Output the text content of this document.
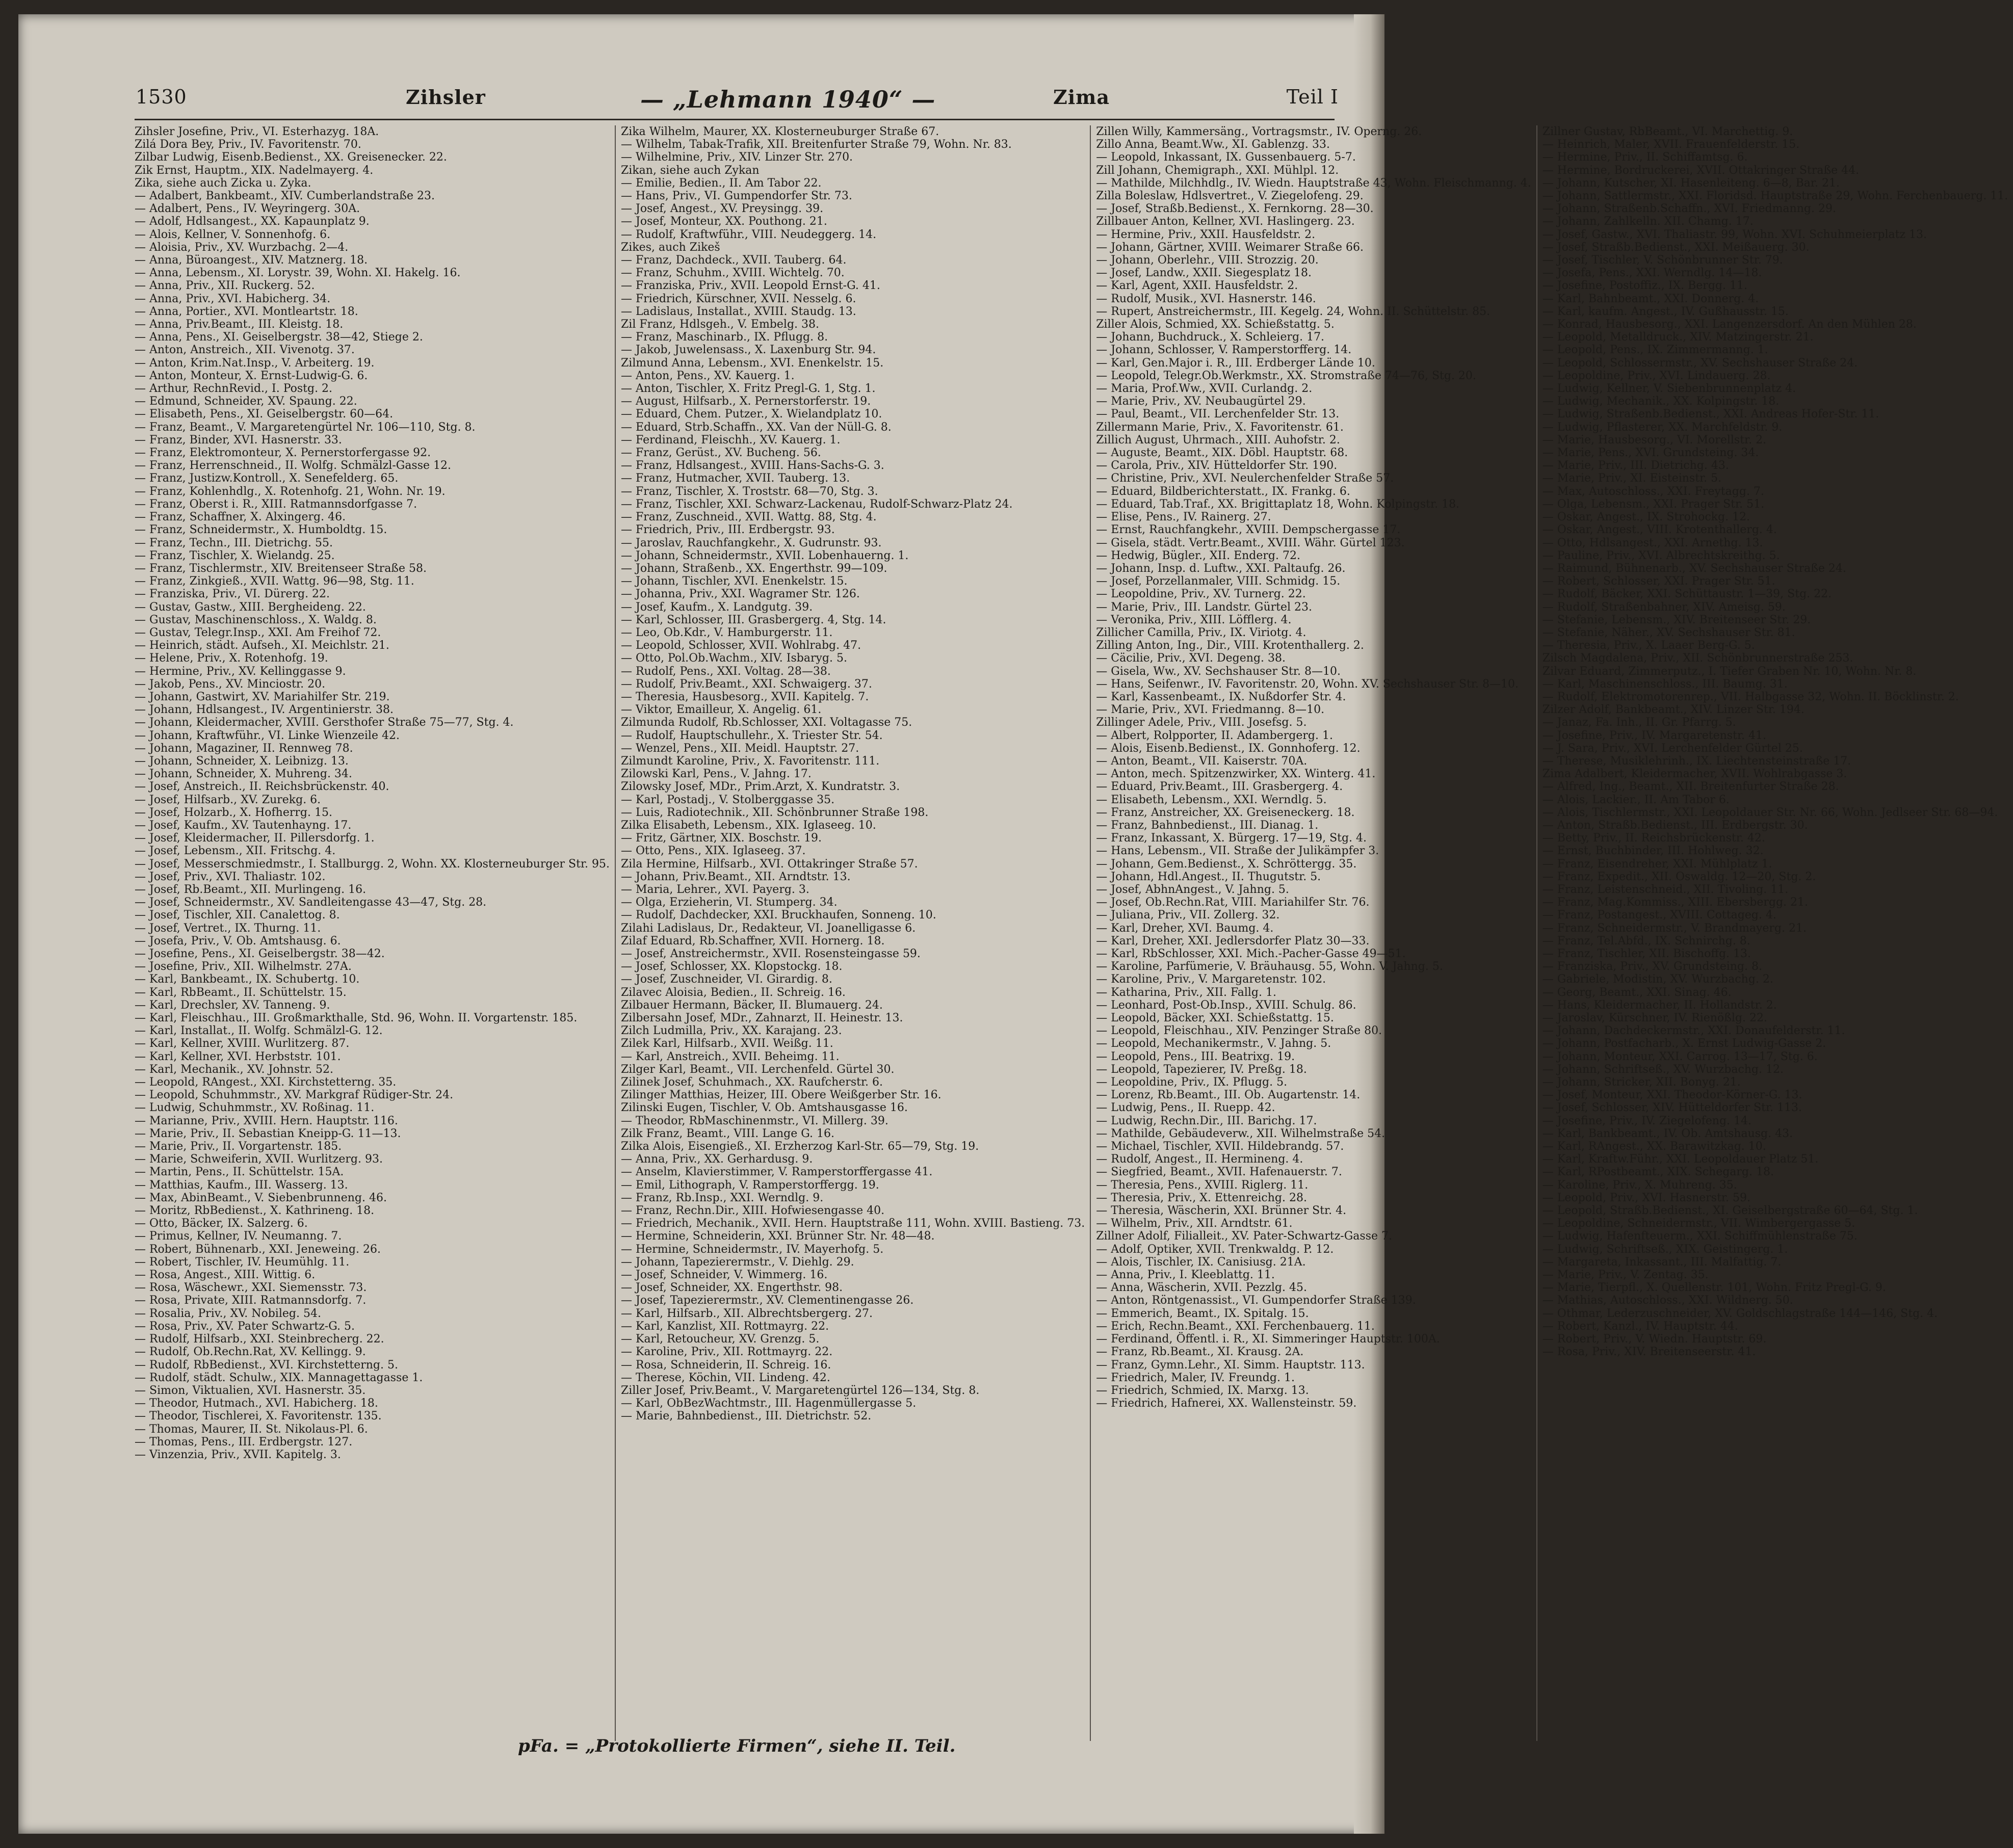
1530	Zihsler	— „Lehmann 1940“ —	Zima	Teil I
Zihsler Josefine, Priv., VI. Esterhazyg. 18A.
Zilá Dora Bey, Priv., IV. Favoritenstr. 70.
Zilbar Ludwig, Eisenb.Bedienst., XX. Greisenecker. 22.
Zik Ernst, Hauptm., XIX. Nadelmayerg. 4.
Zika, siehe auch Zicka u. Zyka.
— Adalbert, Bankbeamt., XIV. Cumberlandstraße 23.
— Adalbert, Pens., IV. Weyringerg. 30A.
— Adolf, Hdlsangest., XX. Kapaunplatz 9.
— Alois, Kellner, V. Sonnenhofg. 6.
— Aloisia, Priv., XV. Wurzbachg. 2—4.
— Anna, Büroangest., XIV. Matznerg. 18.
— Anna, Lebensm., XI. Lorystr. 39, Wohn. XI. Hakelg. 16.
— Anna, Priv., XII. Ruckerg. 52.
— Anna, Priv., XVI. Habicherg. 34.
— Anna, Portier., XVI. Montleartstr. 18.
— Anna, Priv.Beamt., III. Kleistg. 18.
— Anna, Pens., XI. Geiselbergstr. 38—42, Stiege 2.
— Anton, Anstreich., XII. Vivenotg. 37.
— Anton, Krim.Nat.Insp., V. Arbeiterg. 19.
— Anton, Monteur, X. Ernst-Ludwig-G. 6.
— Arthur, RechnRevid., I. Postg. 2.
— Edmund, Schneider, XV. Spaung. 22.
— Elisabeth, Pens., XI. Geiselbergstr. 60—64.
— Franz, Beamt., V. Margaretengürtel Nr. 106—110, Stg. 8.
— Franz, Binder, XVI. Hasnerstr. 33.
— Franz, Elektromonteur, X. Pernerstorfergasse 92.
— Franz, Herrenschneid., II. Wolfg. Schmälzl-Gasse 12.
— Franz, Justizw.Kontroll., X. Senefelderg. 65.
— Franz, Kohlenhdlg., X. Rotenhofg. 21, Wohn. Nr. 19.
— Franz, Oberst i. R., XIII. Ratmannsdorfgasse 7.
— Franz, Schaffner, X. Alxingerg. 46.
— Franz, Schneidermstr., X. Humboldtg. 15.
— Franz, Techn., III. Dietrichg. 55.
— Franz, Tischler, X. Wielandg. 25.
— Franz, Tischlermstr., XIV. Breitenseer Straße 58.
— Franz, Zinkgieß., XVII. Wattg. 96—98, Stg. 11.
— Franziska, Priv., VI. Dürerg. 22.
— Gustav, Gastw., XIII. Bergheideng. 22.
— Gustav, Maschinenschloss., X. Waldg. 8.
— Gustav, Telegr.Insp., XXI. Am Freihof 72.
— Heinrich, städt. Aufseh., XI. Meichlstr. 21.
— Helene, Priv., X. Rotenhofg. 19.
— Hermine, Priv., XV. Kellinggasse 9.
— Jakob, Pens., XV. Minciostr. 20.
— Johann, Gastwirt, XV. Mariahilfer Str. 219.
— Johann, Hdlsangest., IV. Argentinierstr. 38.
— Johann, Kleidermacher, XVIII. Gersthofer Straße 75—77, Stg. 4.
— Johann, Kraftwführ., VI. Linke Wienzeile 42.
— Johann, Magaziner, II. Rennweg 78.
— Johann, Schneider, X. Leibnizg. 13.
— Johann, Schneider, X. Muhreng. 34.
— Josef, Anstreich., II. Reichsbrückenstr. 40.
— Josef, Hilfsarb., XV. Zurekg. 6.
— Josef, Holzarb., X. Hofherrg. 15.
— Josef, Kaufm., XV. Tautenhayng. 17.
— Josef, Kleidermacher, II. Pillersdorfg. 1.
— Josef, Lebensm., XII. Fritschg. 4.
— Josef, Messerschmiedmstr., I. Stallburgg. 2, Wohn. XX. Klosterneuburger Str. 95.
— Josef, Priv., XVI. Thaliastr. 102.
— Josef, Rb.Beamt., XII. Murlingeng. 16.
— Josef, Schneidermstr., XV. Sandleitengasse 43—47, Stg. 28.
— Josef, Tischler, XII. Canalettog. 8.
— Josef, Vertret., IX. Thurng. 11.
— Josefa, Priv., V. Ob. Amtshausg. 6.
— Josefine, Pens., XI. Geiselbergstr. 38—42.
— Josefine, Priv., XII. Wilhelmstr. 27A.
— Karl, Bankbeamt., IX. Schubertg. 10.
— Karl, RbBeamt., II. Schüttelstr. 15.
— Karl, Drechsler, XV. Tanneng. 9.
— Karl, Fleischhau., III. Großmarkthalle, Std. 96, Wohn. II. Vorgartenstr. 185.
— Karl, Installat., II. Wolfg. Schmälzl-G. 12.
— Karl, Kellner, XVIII. Wurlitzerg. 87.
— Karl, Kellner, XVI. Herbststr. 101.
— Karl, Mechanik., XV. Johnstr. 52.
— Leopold, RAngest., XXI. Kirchstetterng. 35.
— Leopold, Schuhmmstr., XV. Markgraf Rüdiger-Str. 24.
— Ludwig, Schuhmmstr., XV. Roßinag. 11.
— Marianne, Priv., XVIII. Hern. Hauptstr. 116.
— Marie, Priv., II. Sebastian Kneipp-G. 11—13.
— Marie, Priv., II. Vorgartenstr. 185.
— Marie, Schweiferin, XVII. Wurlitzerg. 93.
— Martin, Pens., II. Schüttelstr. 15A.
— Matthias, Kaufm., III. Wasserg. 13.
— Max, AbinBeamt., V. Siebenbrunneng. 46.
— Moritz, RbBedienst., X. Kathrineng. 18.
— Otto, Bäcker, IX. Salzerg. 6.
— Primus, Kellner, IV. Neumanng. 7.
— Robert, Bühnenarb., XXI. Jeneweing. 26.
— Robert, Tischler, IV. Heumühlg. 11.
— Rosa, Angest., XIII. Wittig. 6.
— Rosa, Wäschewr., XXI. Siemensstr. 73.
— Rosa, Private, XIII. Ratmannsdorfg. 7.
— Rosalia, Priv., XV. Nobileg. 54.
— Rosa, Priv., XV. Pater Schwartz-G. 5.
— Rudolf, Hilfsarb., XXI. Steinbrecherg. 22.
— Rudolf, Ob.Rechn.Rat, XV. Kellingg. 9.
— Rudolf, RbBedienst., XVI. Kirchstetterng. 5.
— Rudolf, städt. Schulw., XIX. Mannagettagasse 1.
— Simon, Viktualien, XVI. Hasnerstr. 35.
— Theodor, Hutmach., XVI. Habicherg. 18.
— Theodor, Tischlerei, X. Favoritenstr. 135.
— Thomas, Maurer, II. St. Nikolaus-Pl. 6.
— Thomas, Pens., III. Erdbergstr. 127.
— Vinzenzia, Priv., XVII. Kapitelg. 3.
Zika Wilhelm, Maurer, XX. Klosterneuburger Straße 67.
— Wilhelm, Tabak-Trafik, XII. Breitenfurter Straße 79, Wohn. Nr. 83.
— Wilhelmine, Priv., XIV. Linzer Str. 270.
Zikan, siehe auch Zykan
— Emilie, Bedien., II. Am Tabor 22.
— Hans, Priv., VI. Gumpendorfer Str. 73.
— Josef, Angest., XV. Preysingg. 39.
— Josef, Monteur, XX. Pouthong. 21.
— Rudolf, Kraftwführ., VIII. Neudeggerg. 14.
Zikes, auch Zikeš
— Franz, Dachdeck., XVII. Tauberg. 64.
— Franz, Schuhm., XVIII. Wichtelg. 70.
— Franziska, Priv., XVII. Leopold Ernst-G. 41.
— Friedrich, Kürschner, XVII. Nesselg. 6.
— Ladislaus, Installat., XVIII. Staudg. 13.
Zil Franz, Hdlsgeh., V. Embelg. 38.
— Franz, Maschinarb., IX. Pflugg. 8.
— Jakob, Juwelensass., X. Laxenburg Str. 94.
Zilmund Anna, Lebensm., XVI. Enenkelstr. 15.
— Anton, Pens., XV. Kauerg. 1.
— Anton, Tischler, X. Fritz Pregl-G. 1, Stg. 1.
— August, Hilfsarb., X. Pernerstorferstr. 19.
— Eduard, Chem. Putzer., X. Wielandplatz 10.
— Eduard, Strb.Schaffn., XX. Van der Nüll-G. 8.
— Ferdinand, Fleischh., XV. Kauerg. 1.
— Franz, Gerüst., XV. Bucheng. 56.
— Franz, Hdlsangest., XVIII. Hans-Sachs-G. 3.
— Franz, Hutmacher, XVII. Tauberg. 13.
— Franz, Tischler, X. Troststr. 68—70, Stg. 3.
— Franz, Tischler, XXI. Schwarz-Lackenau, Rudolf-Schwarz-Platz 24.
— Franz, Zuschneid., XVII. Wattg. 88, Stg. 4.
— Friedrich, Priv., III. Erdbergstr. 93.
— Jaroslav, Rauchfangkehr., X. Gudrunstr. 93.
— Johann, Schneidermstr., XVII. Lobenhauerng. 1.
— Johann, Straßenb., XX. Engerthstr. 99—109.
— Johann, Tischler, XVI. Enenkelstr. 15.
— Johanna, Priv., XXI. Wagramer Str. 126.
— Josef, Kaufm., X. Landgutg. 39.
— Karl, Schlosser, III. Grasbergerg. 4, Stg. 14.
— Leo, Ob.Kdr., V. Hamburgerstr. 11.
— Leopold, Schlosser, XVII. Wohlrabg. 47.
— Otto, Pol.Ob.Wachm., XIV. Isbaryg. 5.
— Rudolf, Pens., XXI. Voltag. 28—38.
— Rudolf, Priv.Beamt., XXI. Schwaigerg. 37.
— Theresia, Hausbesorg., XVII. Kapitelg. 7.
— Viktor, Emailleur, X. Angelig. 61.
Zilmunda Rudolf, Rb.Schlosser, XXI. Voltagasse 75.
— Rudolf, Hauptschullehr., X. Triester Str. 54.
— Wenzel, Pens., XII. Meidl. Hauptstr. 27.
Zilmundt Karoline, Priv., X. Favoritenstr. 111.
Zilowski Karl, Pens., V. Jahng. 17.
Zilowsky Josef, MDr., Prim.Arzt, X. Kundratstr. 3.
— Karl, Postadj., V. Stolberggasse 35.
— Luis, Radiotechnik., XII. Schönbrunner Straße 198.
Zilka Elisabeth, Lebensm., XIX. Iglaseeg. 10.
— Fritz, Gärtner, XIX. Boschstr. 19.
— Otto, Pens., XIX. Iglaseeg. 37.
Zila Hermine, Hilfsarb., XVI. Ottakringer Straße 57.
— Johann, Priv.Beamt., XII. Arndtstr. 13.
— Maria, Lehrer., XVI. Payerg. 3.
— Olga, Erzieherin, VI. Stumperg. 34.
— Rudolf, Dachdecker, XXI. Bruckhaufen, Sonneng. 10.
Zilahi Ladislaus, Dr., Redakteur, VI. Joanelligasse 6.
Zilaf Eduard, Rb.Schaffner, XVII. Hornerg. 18.
— Josef, Anstreichermstr., XVII. Rosensteingasse 59.
— Josef, Schlosser, XX. Klopstockg. 18.
— Josef, Zuschneider, VI. Girardig. 8.
Zilavec Aloisia, Bedien., II. Schreig. 16.
Zilbauer Hermann, Bäcker, II. Blumauerg. 24.
Zilbersahn Josef, MDr., Zahnarzt, II. Heinestr. 13.
Zilch Ludmilla, Priv., XX. Karajang. 23.
Zilek Karl, Hilfsarb., XVII. Weißg. 11.
— Karl, Anstreich., XVII. Beheimg. 11.
Zilger Karl, Beamt., VII. Lerchenfeld. Gürtel 30.
Zilinek Josef, Schuhmach., XX. Raufcherstr. 6.
Zilinger Matthias, Heizer, III. Obere Weißgerber Str. 16.
Zilinski Eugen, Tischler, V. Ob. Amtshausgasse 16.
— Theodor, RbMaschinenmstr., VI. Millerg. 39.
Zilk Franz, Beamt., VIII. Lange G. 16.
Zilka Alois, Eisengieß., XI. Erzherzog Karl-Str. 65—79, Stg. 19.
— Anna, Priv., XX. Gerhardusg. 9.
— Anselm, Klavierstimmer, V. Ramperstorffergasse 41.
— Emil, Lithograph, V. Ramperstorffergg. 19.
— Franz, Rb.Insp., XXI. Werndlg. 9.
— Franz, Rechn.Dir., XIII. Hofwiesengasse 40.
— Friedrich, Mechanik., XVII. Hern. Hauptstraße 111, Wohn. XVIII. Bastieng. 73.
— Hermine, Schneiderin, XXI. Brünner Str. Nr. 48—48.
— Hermine, Schneidermstr., IV. Mayerhofg. 5.
— Johann, Tapezierermstr., V. Diehlg. 29.
— Josef, Schneider, V. Wimmerg. 16.
— Josef, Schneider, XX. Engerthstr. 98.
— Josef, Tapezierermstr., XV. Clementinengasse 26.
— Karl, Hilfsarb., XII. Albrechtsbergerg. 27.
— Karl, Kanzlist, XII. Rottmayrg. 22.
— Karl, Retoucheur, XV. Grenzg. 5.
— Karoline, Priv., XII. Rottmayrg. 22.
— Rosa, Schneiderin, II. Schreig. 16.
— Therese, Köchin, VII. Lindeng. 42.
Ziller Josef, Priv.Beamt., V. Margaretengürtel 126—134, Stg. 8.
— Karl, ObBezWachtmstr., III. Hagenmüllergasse 5.
— Marie, Bahnbedienst., III. Dietrichstr. 52.
Zillen Willy, Kammersäng., Vortragsmstr., IV. Operng. 26.
Zillo Anna, Beamt.Ww., XI. Gablenzg. 33.
— Leopold, Inkassant, IX. Gussenbauerg. 5-7.
Zill Johann, Chemigraph., XXI. Mühlpl. 12.
— Mathilde, Milchhdlg., IV. Wiedn. Hauptstraße 43, Wohn. Fleischmanng. 4.
Zilla Boleslaw, Hdlsvertret., V. Ziegelofeng. 29.
— Josef, Straßb.Bedienst., X. Fernkorng. 28—30.
Zillbauer Anton, Kellner, XVI. Haslingerg. 23.
— Hermine, Priv., XXII. Hausfeldstr. 2.
— Johann, Gärtner, XVIII. Weimarer Straße 66.
— Johann, Oberlehr., VIII. Strozzig. 20.
— Josef, Landw., XXII. Siegesplatz 18.
— Karl, Agent, XXII. Hausfeldstr. 2.
— Rudolf, Musik., XVI. Hasnerstr. 146.
— Rupert, Anstreichermstr., III. Kegelg. 24, Wohn. II. Schüttelstr. 85.
Ziller Alois, Schmied, XX. Schießstattg. 5.
— Johann, Buchdruck., X. Schleierg. 17.
— Johann, Schlosser, V. Ramperstorfferg. 14.
— Karl, Gen.Major i. R., III. Erdberger Lände 10.
— Leopold, Telegr.Ob.Werkmstr., XX. Stromstraße 74—76, Stg. 20.
— Maria, Prof.Ww., XVII. Curlandg. 2.
— Marie, Priv., XV. Neubaugürtel 29.
— Paul, Beamt., VII. Lerchenfelder Str. 13.
Zillermann Marie, Priv., X. Favoritenstr. 61.
Zillich August, Uhrmach., XIII. Auhofstr. 2.
— Auguste, Beamt., XIX. Döbl. Hauptstr. 68.
— Carola, Priv., XIV. Hütteldorfer Str. 190.
— Christine, Priv., XVI. Neulerchenfelder Straße 57.
— Eduard, Bildberichterstatt., IX. Frankg. 6.
— Eduard, Tab.Traf., XX. Brigittaplatz 18, Wohn. Kolpingstr. 18.
— Elise, Pens., IV. Rainerg. 27.
— Ernst, Rauchfangkehr., XVIII. Dempschergasse 17.
— Gisela, städt. Vertr.Beamt., XVIII. Währ. Gürtel 123.
— Hedwig, Bügler., XII. Enderg. 72.
— Johann, Insp. d. Luftw., XXI. Paltaufg. 26.
— Josef, Porzellanmaler, VIII. Schmidg. 15.
— Leopoldine, Priv., XV. Turnerg. 22.
— Marie, Priv., III. Landstr. Gürtel 23.
— Veronika, Priv., XIII. Löfflerg. 4.
Zillicher Camilla, Priv., IX. Viriotg. 4.
Zilling Anton, Ing., Dir., VIII. Krotenthallerg. 2.
— Cäcilie, Priv., XVI. Degeng. 38.
— Gisela, Ww., XV. Sechshauser Str. 8—10.
— Hans, Seifenwr., IV. Favoritenstr. 20, Wohn. XV. Sechshauser Str. 8—10.
— Karl, Kassenbeamt., IX. Nußdorfer Str. 4.
— Marie, Priv., XVI. Friedmanng. 8—10.
Zillinger Adele, Priv., VIII. Josefsg. 5.
— Albert, Rolpporter, II. Adambergerg. 1.
— Alois, Eisenb.Bedienst., IX. Gonnhoferg. 12.
— Anton, Beamt., VII. Kaiserstr. 70A.
— Anton, mech. Spitzenzwirker, XX. Winterg. 41.
— Eduard, Priv.Beamt., III. Grasbergerg. 4.
— Elisabeth, Lebensm., XXI. Werndlg. 5.
— Franz, Anstreicher, XX. Greiseneckerg. 18.
— Franz, Bahnbedienst., III. Dianag. 1.
— Franz, Inkassant, X. Bürgerg. 17—19, Stg. 4.
— Hans, Lebensm., VII. Straße der Julikämpfer 3.
— Johann, Gem.Bedienst., X. Schröttergg. 35.
— Johann, Hdl.Angest., II. Thugutstr. 5.
— Josef, AbhnAngest., V. Jahng. 5.
— Josef, Ob.Rechn.Rat, VIII. Mariahilfer Str. 76.
— Juliana, Priv., VII. Zollerg. 32.
— Karl, Dreher, XVI. Baumg. 4.
— Karl, Dreher, XXI. Jedlersdorfer Platz 30—33.
— Karl, RbSchlosser, XXI. Mich.-Pacher-Gasse 49—51.
— Karoline, Parfümerie, V. Bräuhausg. 55, Wohn. V. Jahng. 5.
— Karoline, Priv., V. Margaretenstr. 102.
— Katharina, Priv., XII. Fallg. 1.
— Leonhard, Post-Ob.Insp., XVIII. Schulg. 86.
— Leopold, Bäcker, XXI. Schießstattg. 15.
— Leopold, Fleischhau., XIV. Penzinger Straße 80.
— Leopold, Mechanikermstr., V. Jahng. 5.
— Leopold, Pens., III. Beatrixg. 19.
— Leopold, Tapezierer, IV. Preßg. 18.
— Leopoldine, Priv., IX. Pflugg. 5.
— Lorenz, Rb.Beamt., III. Ob. Augartenstr. 14.
— Ludwig, Pens., II. Ruepp. 42.
— Ludwig, Rechn.Dir., III. Barichg. 17.
— Mathilde, Gebäudeverw., XII. Wilhelmstraße 54.
— Michael, Tischler, XVII. Hildebrandg. 57.
— Rudolf, Angest., II. Hermineng. 4.
— Siegfried, Beamt., XVII. Hafenauerstr. 7.
— Theresia, Pens., XVIII. Riglerg. 11.
— Theresia, Priv., X. Ettenreichg. 28.
— Theresia, Wäscherin, XXI. Brünner Str. 4.
— Wilhelm, Priv., XII. Arndtstr. 61.
Zillner Adolf, Filialleit., XV. Pater-Schwartz-Gasse 7.
— Adolf, Optiker, XVII. Trenkwaldg. P. 12.
— Alois, Tischler, IX. Canisiusg. 21A.
— Anna, Priv., I. Kleeblattg. 11.
— Anna, Wäscherin, XVII. Pezzlg. 45.
— Anton, Röntgenassist., VI. Gumpendorfer Straße 139.
— Emmerich, Beamt., IX. Spitalg. 15.
— Erich, Rechn.Beamt., XXI. Ferchenbauerg. 11.
— Ferdinand, Öffentl. i. R., XI. Simmeringer Hauptstr. 100A.
— Franz, Rb.Beamt., XI. Krausg. 2A.
— Franz, Gymn.Lehr., XI. Simm. Hauptstr. 113.
— Friedrich, Maler, IV. Freundg. 1.
— Friedrich, Schmied, IX. Marxg. 13.
— Friedrich, Hafnerei, XX. Wallensteinstr. 59.
Zillner Gustav, RbBeamt., VI. Marchettig. 9.
— Heinrich, Maler, XVII. Frauenfelderstr. 15.
— Hermine, Priv., II. Schiffamtsg. 6.
— Hermine, Bordruckerei, XVII. Ottakringer Straße 44.
— Johann, Kutscher, XI. Hasenleiteng. 6—8, Bar. 21.
— Johann, Sattlermstr., XXI. Floridsd. Hauptstraße 29, Wohn. Ferchenbauerg. 11.
— Johann, Straßenb.Schaffn., XVI. Friedmanng. 29.
— Johann, Zahlkelln. XII. Chamg. 17.
— Josef, Gastw., XVI. Thaliastr. 99, Wohn. XVI. Schuhmeierplatz 13.
— Josef, Straßb.Bedienst., XXI. Meißauerg. 30.
— Josef, Tischler, V. Schönbrunner Str. 79.
— Josefa, Pens., XXI. Werndlg. 14—18.
— Josefine, Postoffiz., IX. Bergg. 11.
— Karl, Bahnbeamt., XXI. Donnerg. 4.
— Karl, kaufm. Angest., IV. Gußhausstr. 15.
— Konrad, Hausbesorg., XXI. Langenzersdorf. An den Mühlen 28.
— Leopold, Metalldruck., XIV. Matzingerstr. 21.
— Leopold, Pens., IX. Zimmermanng. 1.
— Leopold, Schlossermstr., XV. Sechshauser Straße 24.
— Leopoldine, Priv., XVI. Lindauerg. 28.
— Ludwig, Kellner, V. Siebenbrunnenplatz 4.
— Ludwig, Mechanik., XX. Kolpingstr. 18.
— Ludwig, Straßenb.Bedienst., XXI. Andreas Hofer-Str. 11.
— Ludwig, Pflasterer, XX. Marchfeldstr. 9.
— Marie, Hausbesorg., VI. Morellstr. 2.
— Marie, Pens., XVI. Grundsteing. 34.
— Marie, Priv., III. Dietrichg. 43.
— Marie, Priv., XI. Eisteinstr. 5.
— Max, Autoschloss., XXI. Freytagg. 7.
— Olga, Lebensm., XXI. Prager Str. 51.
— Oskar, Angest., IX. Strohockg. 12.
— Oskar, Angest., VIII. Krotenthallerg. 4.
— Otto, Hdlsangest., XXI. Arnethg. 13.
— Pauline, Priv., XVI. Albrechtskreithg. 5.
— Raimund, Bühnenarb., XV. Sechshauser Straße 24.
— Robert, Schlosser, XXI. Prager Str. 51.
— Rudolf, Bäcker, XXI. Schüttaustr. 1—39, Stg. 22.
— Rudolf, Straßenbahner, XIV. Ameisg. 59.
— Stefanie, Lebensm., XIV. Breitenseer Str. 29.
— Stefanie, Näher., XV. Sechshauser Str. 81.
— Theresia, Priv., X. Laaer Berg-G. 5.
Zilsch Magdalena, Priv., XII. Schönbrunnerstraße 253.
Zilvar Eduard, Zimmerputz., I. Tiefer Graben Nr. 10, Wohn. Nr. 8.
— Karl, Maschinenschloss., III. Baumg. 31.
— Rudolf, Elektromotorenrep., VII. Halbgasse 32, Wohn. II. Böcklinstr. 2.
Zilzer Adolf, Bankbeamt., XIV. Linzer Str. 194.
— Janaz, Fa. Inh., II. Gr. Pfarrg. 5.
— Josefine, Priv., IV. Margaretenstr. 41.
— J. Sara, Priv., XVI. Lerchenfelder Gürtel 25.
— Therese, Musiklehrinh., IX. Liechtensteinstraße 17.
Zima Adalbert, Kleidermacher, XVII. Wohlrabgasse 3.
— Alfred, Ing., Beamt., XII. Breitenfurter Straße 28.
— Alois, Lackier., II. Am Tabor 6.
— Alois, Tischlermstr., XXI. Leopoldauer Str. Nr. 66, Wohn. Jedlseer Str. 68—94.
— Anton, Straßb.Bedienst., III. Erdbergstr. 30.
— Betty, Priv., II. Reichsbrückenstr. 42.
— Ernst, Buchbinder, III. Hohlweg. 32.
— Franz, Eisendreher, XXI. Mühlplatz 1.
— Franz, Expedit., XII. Oswaldg. 12—20, Stg. 2.
— Franz, Leistenschneid., XII. Tivoling. 11.
— Franz, Mag.Kommiss., XIII. Ebersbergg. 21.
— Franz, Postangest., XVIII. Cottageg. 4.
— Franz, Schneidermstr., V. Brandmayerg. 21.
— Franz, Tel.Abfd., IX. Schnirchg. 8.
— Franz, Tischler, XII. Bischoffg. 13.
— Franziska, Priv., XV. Grundsteing. 8.
— Gabriele, Modistin, XV. Wurzbachg. 2.
— Georg, Beamt., XXI. Sinag. 46.
— Hans, Kleidermacher, II. Hollandstr. 2.
— Jaroslav, Kürschner, IV. Rienößlg. 22.
— Johann, Dachdeckermstr., XXI. Donaufelderstr. 11.
— Johann, Postfacharb., X. Ernst Ludwig-Gasse 2.
— Johann, Monteur, XXI. Carrog. 13—17, Stg. 6.
— Johann, Schriftseß., XV. Wurzbachg. 12.
— Johann, Stricker, XII. Bonyg. 21.
— Josef, Monteur, XXI. Theodor-Körner-G. 13.
— Josef, Schlosser, XIV. Hütteldorfer Str. 113.
— Josefine, Priv., IV. Ziegelofeng. 14.
— Karl, Bankbeamt., IV. Ob. Amtshausg. 43.
— Karl, RAngest., XX. Barawitzkag. 10.
— Karl, Kraftw.Führ., XXI. Leopoldauer Platz 51.
— Karl, RPostbeamt., XIX. Schegarg. 18.
— Karoline, Priv., X. Muhreng. 35.
— Leopold, Priv., XVI. Hasnerstr. 59.
— Leopold, Straßb.Bedienst., XI. Geiselbergstraße 60—64, Stg. 1.
— Leopoldine, Schneidermstr., VII. Wimbergergasse 5.
— Ludwig, Hafenfteuerm., XXI. Schiffmühlenstraße 75.
— Ludwig, Schriftseß., XIX. Geistingerg. 1.
— Margareta, Inkassant., III. Malfattig. 7.
— Marie, Priv., V. Zentag. 35.
— Marie, Tierpfl., X. Quellenstr. 101, Wohn. Fritz Pregl-G. 9.
— Mathias, Autoschloss., XXI. Wildnerg. 50.
— Othmar, Lederzuschneider, XV. Goldschlagstraße 144—146, Stg. 4.
— Robert, Kanzl., IV. Hauptstr. 44.
— Robert, Priv., V. Wiedn. Hauptstr. 69.
— Rosa, Priv., XIV. Breitenseerstr. 41.
pFa. = „Protokollierte Firmen“, siehe II. Teil.
